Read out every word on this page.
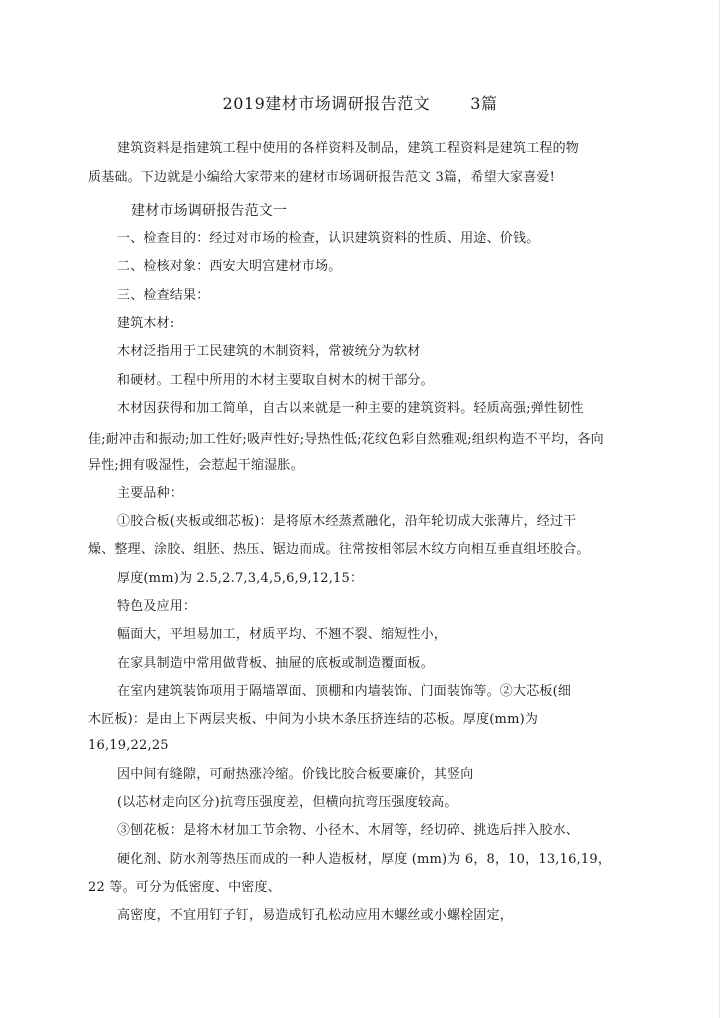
2019建材市场调研报告范文	3篇
建筑资料是指建筑工程中使用的各样资料及制品，建筑工程资料是建筑工程的物
质基础。下边就是小编给大家带来的建材市场调研报告范文 3篇，希望大家喜爱!
建材市场调研报告范文一
一、检查目的：经过对市场的检查，认识建筑资料的性质、用途、价钱。
二、检核对象：西安大明宫建材市场。
三、检查结果：
建筑木材:
木材泛指用于工民建筑的木制资料，常被统分为软材
和硬材。工程中所用的木材主要取自树木的树干部分。
木材因获得和加工简单，自古以来就是一种主要的建筑资料。轻质高强;弹性韧性
佳;耐冲击和振动;加工性好;吸声性好;导热性低;花纹色彩自然雅观;组织构造不平均，各向
异性;拥有吸湿性，会惹起干缩湿胀。
主要品种：
①胶合板(夹板或细芯板)：是将原木经蒸煮融化，沿年轮切成大张薄片，经过干
燥、整理、涂胶、组胚、热压、锯边而成。往常按相邻层木纹方向相互垂直组坯胶合。
厚度(mm)为 2.5,2.7,3,4,5,6,9,12,15：
特色及应用：
幅面大，平坦易加工，材质平均、不翘不裂、缩短性小，
在家具制造中常用做背板、抽屉的底板或制造覆面板。
在室内建筑装饰项用于隔墙罩面、顶棚和内墙装饰、门面装饰等。②大芯板(细
木匠板)：是由上下两层夹板、中间为小块木条压挤连结的芯板。厚度(mm)为
16,19,22,25
因中间有缝隙，可耐热涨冷缩。价钱比胶合板要廉价，其竖向
(以芯材走向区分)抗弯压强度差，但横向抗弯压强度较高。
③刨花板：是将木材加工节余物、小径木、木屑等，经切碎、挑选后拌入胶水、
硬化剂、防水剂等热压而成的一种人造板材，厚度 (mm)为 6，8，10，13,16,19，
22 等。可分为低密度、中密度、
高密度，不宜用钉子钉，易造成钉孔松动应用木螺丝或小螺栓固定，
